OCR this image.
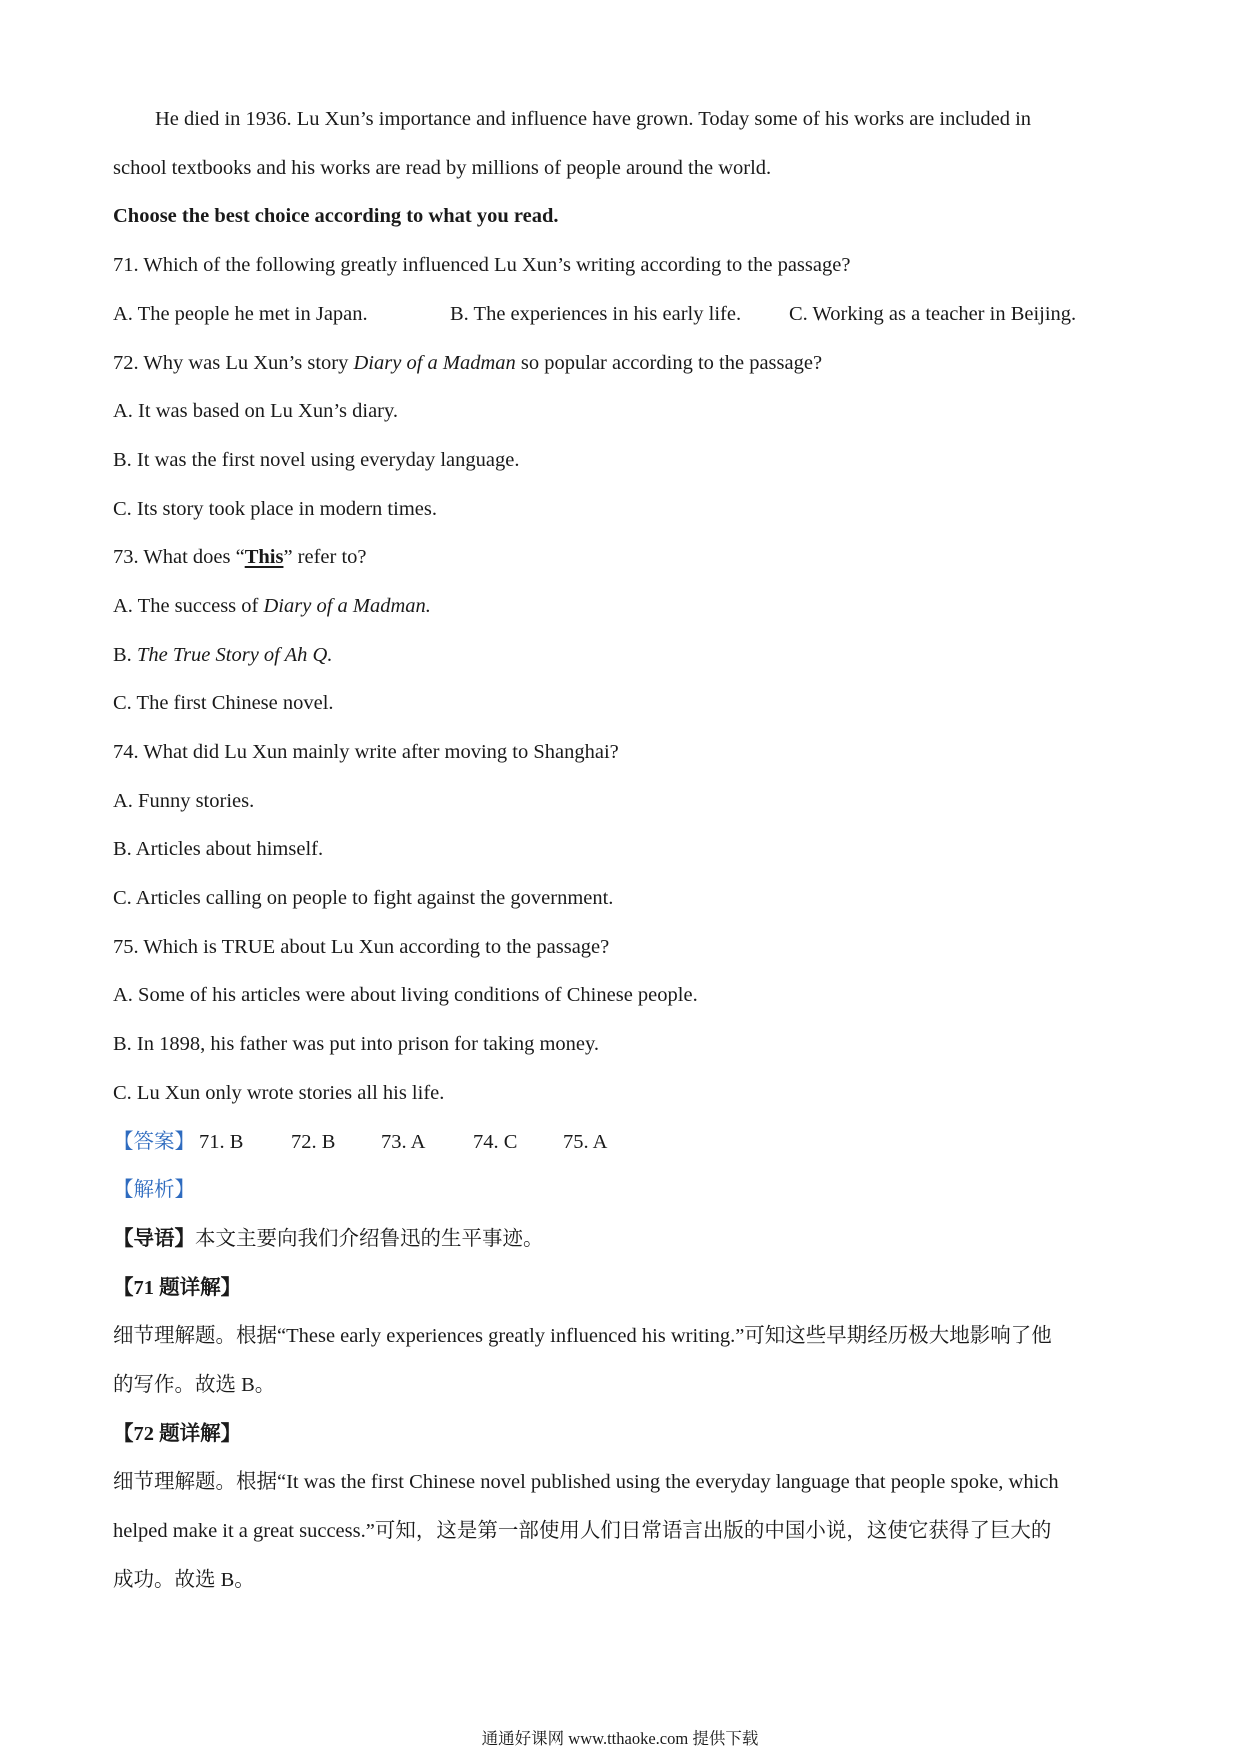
He died in 1936. Lu Xun’s importance and influence have grown. Today some of his works are included in
school textbooks and his works are read by millions of people around the world.
Choose the best choice according to what you read.
71. Which of the following greatly influenced Lu Xun’s writing according to the passage?
A. The people he met in Japan.	B. The experiences in his early life. C. Working as a teacher in Beijing.
72. Why was Lu Xun’s story Diary of a Madman so popular according to the passage?
A. It was based on Lu Xun’s diary.
B. It was the first novel using everyday language.
C. Its story took place in modern times.
73. What does “This” refer to?
A. The success of Diary of a Madman.
B. The True Story of Ah Q.
C. The first Chinese novel.
74. What did Lu Xun mainly write after moving to Shanghai?
A. Funny stories.
B. Articles about himself.
C. Articles calling on people to fight against the government.
75. Which is TRUE about Lu Xun according to the passage?
A. Some of his articles were about living conditions of Chinese people.
B. In 1898, his father was put into prison for taking money.
C. Lu Xun only wrote stories all his life.
【答案】 71. B 72. B 73. A 74. C 75. A
【解析】
【导语】本文主要向我们介绍鲁迅的生平事迹。
【71 题详解】
细节理解题。根据“These early experiences greatly influenced his writing.”可知这些早期经历极大地影响了他
的写作。故选 B。
【72 题详解】
细节理解题。根据“It was the first Chinese novel published using the everyday language that people spoke, which
helped make it a great success.”可知，这是第一部使用人们日常语言出版的中国小说，这使它获得了巨大的
成功。故选 B。
通通好课网 www.tthaoke.com 提供下载
